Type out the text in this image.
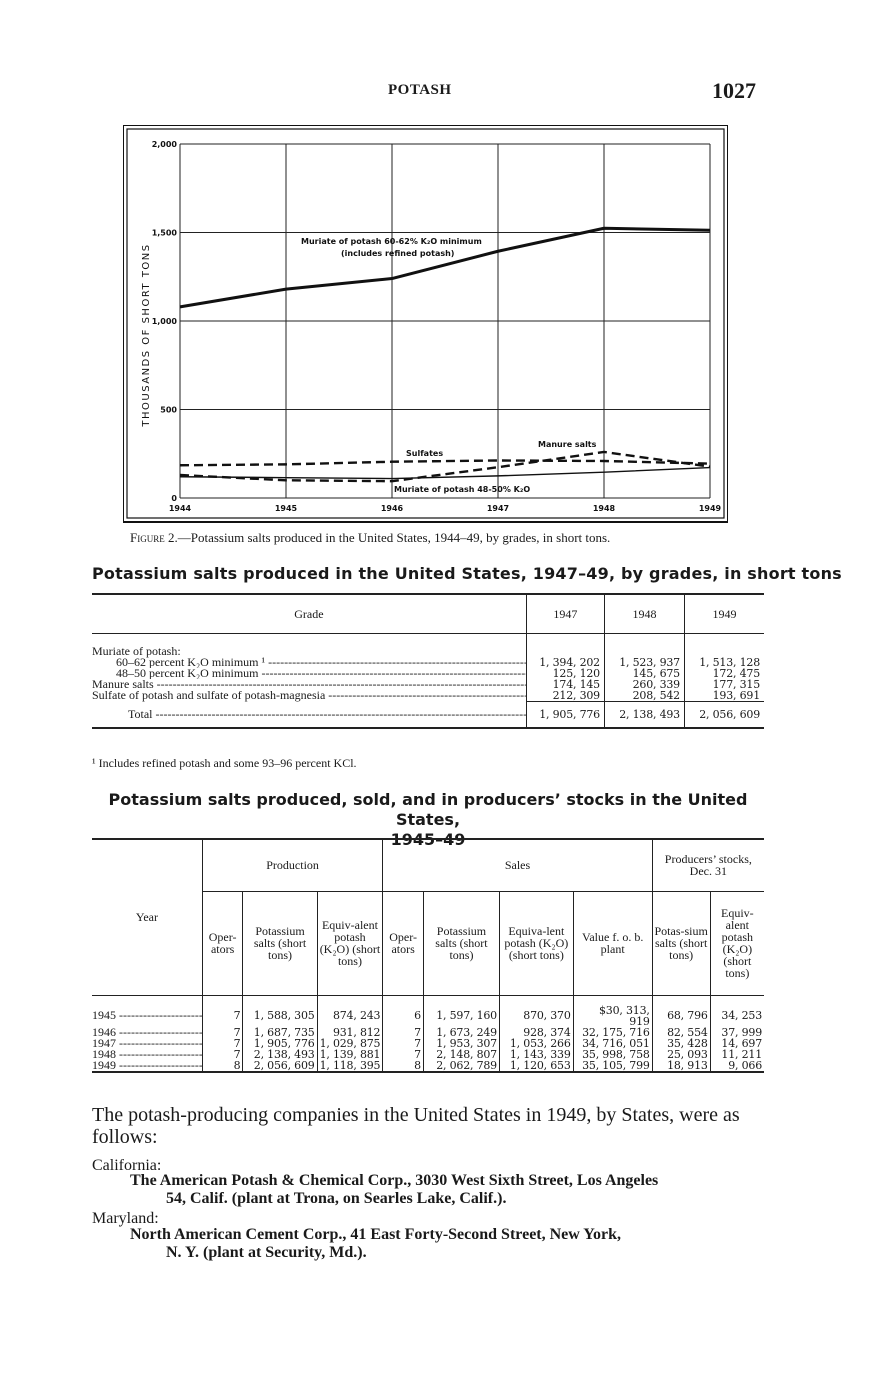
POTASH	1027
1944	1945	1946	1947	1948	1949
0
500
1,000
1,500
2,000
THOUSANDS OF SHORT TONS
Muriate of potash 60-62% K₂O minimum
(includes refined potash)
Sulfates
Manure salts
Muriate of potash 48-50% K₂O
Figure 2.—Potassium salts produced in the United States, 1944–49, by grades, in short tons.
Potassium salts produced in the United States, 1947–49, by grades, in short tons
Grade	1947	1948	1949

Muriate of potash:			
60–62 percent K₂O minimum ¹ -----	1, 394, 202	1, 523, 937	1, 513, 128
48–50 percent K₂O minimum -----	125, 120	145, 675	172, 475
Manure salts -----	174, 145	260, 339	177, 315
Sulfate of potash and sulfate of potash-magnesia -----	212, 309	208, 542	193, 691
Total -----	1, 905, 776	2, 138, 493	2, 056, 609
¹ Includes refined potash and some 93–96 percent KCl.
Potassium salts produced, sold, and in producers’ stocks in the United States,
1945–49
Year	Production			Sales				Producers’ stocks, Dec. 31	
	Oper-ators	Potassium salts (short tons)	Equiv-alent potash (K₂O) (short tons)	Oper-ators	Potassium salts (short tons)	Equiva-lent potash (K₂O) (short tons)	Value f. o. b. plant	Potas-sium salts (short tons)	Equiv-alent potash (K₂O) (short tons)

1945 -----	7	1, 588, 305	874, 243	6	1, 597, 160	870, 370	$30, 313, 919	68, 796	34, 253
1946 -----	7	1, 687, 735	931, 812	7	1, 673, 249	928, 374	32, 175, 716	82, 554	37, 999
1947 -----	7	1, 905, 776	1, 029, 875	7	1, 953, 307	1, 053, 266	34, 716, 051	35, 428	14, 697
1948 -----	7	2, 138, 493	1, 139, 881	7	2, 148, 807	1, 143, 339	35, 998, 758	25, 093	11, 211
1949 -----	8	2, 056, 609	1, 118, 395	8	2, 062, 789	1, 120, 653	35, 105, 799	18, 913	9, 066
The potash-producing companies in the United States in 1949, by States, were as follows:
California:
The American Potash & Chemical Corp., 3030 West Sixth Street, Los Angeles
54, Calif. (plant at Trona, on Searles Lake, Calif.).
Maryland:
North American Cement Corp., 41 East Forty-Second Street, New York,
N. Y. (plant at Security, Md.).
